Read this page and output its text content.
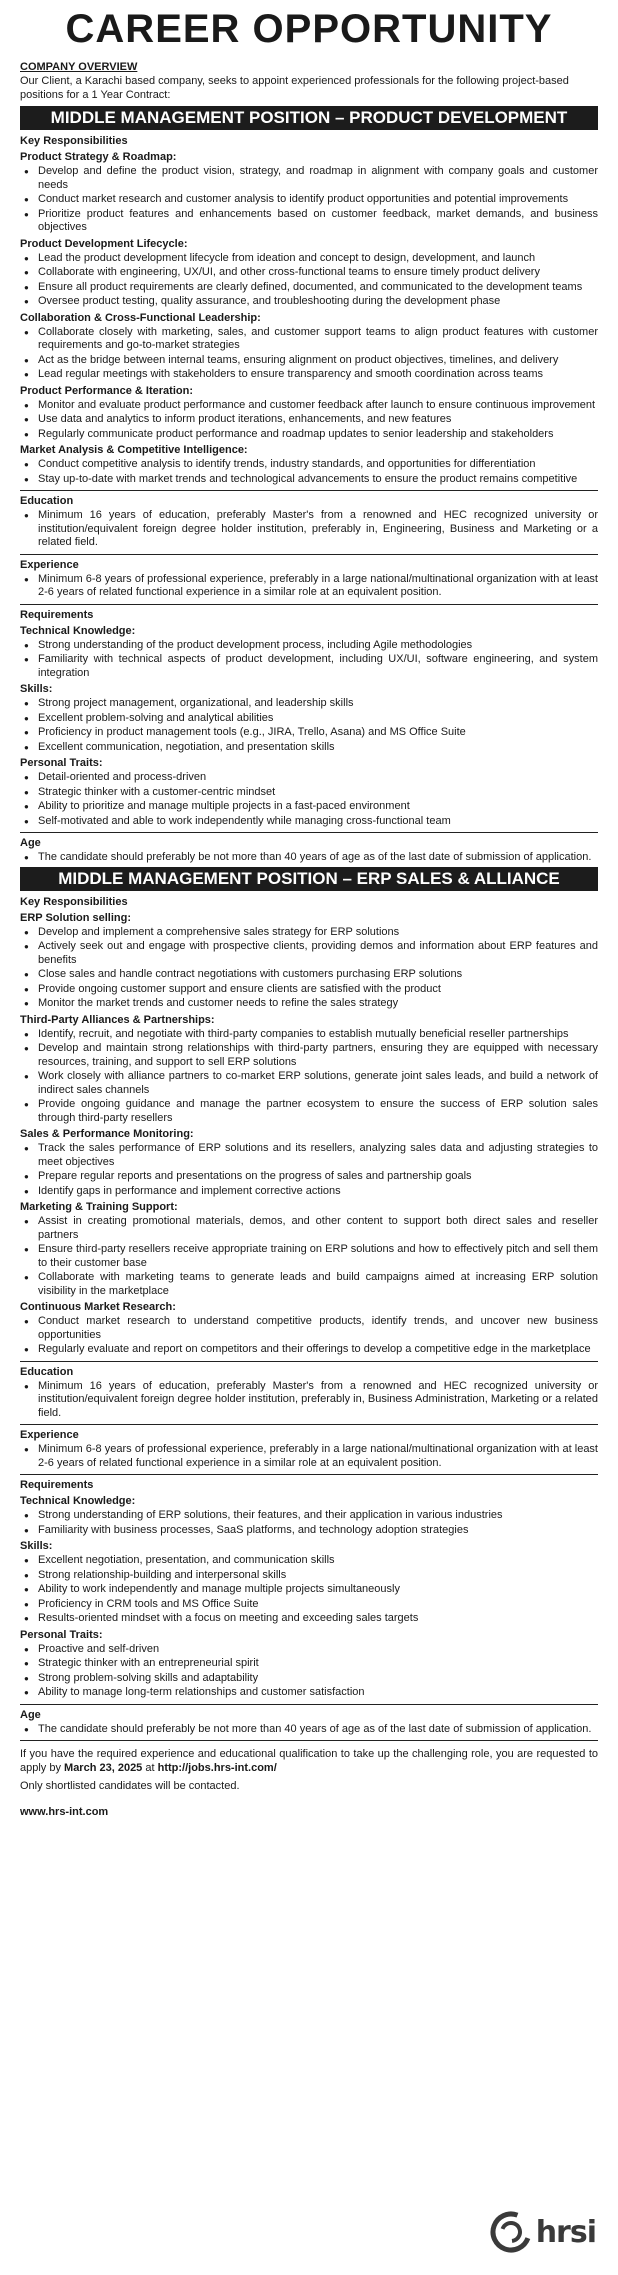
CAREER OPPORTUNITY

COMPANY OVERVIEW

Our Client, a Karachi based company, seeks to appoint experienced professionals for the following project-based positions for a 1 Year Contract:

MIDDLE MANAGEMENT POSITION – PRODUCT DEVELOPMENT
Key Responsibilities
Product Strategy & Roadmap:
● Develop and define the product vision, strategy, and roadmap in alignment with company goals and customer needs
● Conduct market research and customer analysis to identify product opportunities and potential improvements
● Prioritize product features and enhancements based on customer feedback, market demands, and business objectives
Product Development Lifecycle:
● Lead the product development lifecycle from ideation and concept to design, development, and launch
● Collaborate with engineering, UX/UI, and other cross-functional teams to ensure timely product delivery
● Ensure all product requirements are clearly defined, documented, and communicated to the development teams
● Oversee product testing, quality assurance, and troubleshooting during the development phase
Collaboration & Cross-Functional Leadership:
● Collaborate closely with marketing, sales, and customer support teams to align product features with customer requirements and go-to-market strategies
● Act as the bridge between internal teams, ensuring alignment on product objectives, timelines, and delivery
● Lead regular meetings with stakeholders to ensure transparency and smooth coordination across teams
Product Performance & Iteration:
● Monitor and evaluate product performance and customer feedback after launch to ensure continuous improvement
● Use data and analytics to inform product iterations, enhancements, and new features
● Regularly communicate product performance and roadmap updates to senior leadership and stakeholders
Market Analysis & Competitive Intelligence:
● Conduct competitive analysis to identify trends, industry standards, and opportunities for differentiation
● Stay up-to-date with market trends and technological advancements to ensure the product remains competitive
Education
● Minimum 16 years of education, preferably Master's from a renowned and HEC recognized university or institution/equivalent foreign degree holder institution, preferably in, Engineering, Business and Marketing or a related field.
Experience
● Minimum 6-8 years of professional experience, preferably in a large national/multinational organization with at least 2-6 years of related functional experience in a similar role at an equivalent position.
Requirements
Technical Knowledge:
● Strong understanding of the product development process, including Agile methodologies
● Familiarity with technical aspects of product development, including UX/UI, software engineering, and system integration
Skills:
● Strong project management, organizational, and leadership skills
● Excellent problem-solving and analytical abilities
● Proficiency in product management tools (e.g., JIRA, Trello, Asana) and MS Office Suite
● Excellent communication, negotiation, and presentation skills
Personal Traits:
● Detail-oriented and process-driven
● Strategic thinker with a customer-centric mindset
● Ability to prioritize and manage multiple projects in a fast-paced environment
● Self-motivated and able to work independently while managing cross-functional team
Age
● The candidate should preferably be not more than 40 years of age as of the last date of submission of application.
MIDDLE MANAGEMENT POSITION – ERP SALES & ALLIANCE
Key Responsibilities
ERP Solution selling:
● Develop and implement a comprehensive sales strategy for ERP solutions
● Actively seek out and engage with prospective clients, providing demos and information about ERP features and benefits
● Close sales and handle contract negotiations with customers purchasing ERP solutions
● Provide ongoing customer support and ensure clients are satisfied with the product
● Monitor the market trends and customer needs to refine the sales strategy
Third-Party Alliances & Partnerships:
● Identify, recruit, and negotiate with third-party companies to establish mutually beneficial reseller partnerships
● Develop and maintain strong relationships with third-party partners, ensuring they are equipped with necessary resources, training, and support to sell ERP solutions
● Work closely with alliance partners to co-market ERP solutions, generate joint sales leads, and build a network of indirect sales channels
● Provide ongoing guidance and manage the partner ecosystem to ensure the success of ERP solution sales through third-party resellers
Sales & Performance Monitoring:
● Track the sales performance of ERP solutions and its resellers, analyzing sales data and adjusting strategies to meet objectives
● Prepare regular reports and presentations on the progress of sales and partnership goals
● Identify gaps in performance and implement corrective actions
Marketing & Training Support:
● Assist in creating promotional materials, demos, and other content to support both direct sales and reseller partners
● Ensure third-party resellers receive appropriate training on ERP solutions and how to effectively pitch and sell them to their customer base
● Collaborate with marketing teams to generate leads and build campaigns aimed at increasing ERP solution visibility in the marketplace
Continuous Market Research:
● Conduct market research to understand competitive products, identify trends, and uncover new business opportunities
● Regularly evaluate and report on competitors and their offerings to develop a competitive edge in the marketplace
Education
● Minimum 16 years of education, preferably Master's from a renowned and HEC recognized university or institution/equivalent foreign degree holder institution, preferably in, Business Administration, Marketing or a related field.
Experience
● Minimum 6-8 years of professional experience, preferably in a large national/multinational organization with at least 2-6 years of related functional experience in a similar role at an equivalent position.
Requirements
Technical Knowledge:
● Strong understanding of ERP solutions, their features, and their application in various industries
● Familiarity with business processes, SaaS platforms, and technology adoption strategies
Skills:
● Excellent negotiation, presentation, and communication skills
● Strong relationship-building and interpersonal skills
● Ability to work independently and manage multiple projects simultaneously
● Proficiency in CRM tools and MS Office Suite
● Results-oriented mindset with a focus on meeting and exceeding sales targets
Personal Traits:
● Proactive and self-driven
● Strategic thinker with an entrepreneurial spirit
● Strong problem-solving skills and adaptability
● Ability to manage long-term relationships and customer satisfaction
Age
● The candidate should preferably be not more than 40 years of age as of the last date of submission of application.

If you have the required experience and educational qualification to take up the challenging role, you are requested to apply by March 23, 2025 at http://jobs.hrs-int.com/

Only shortlisted candidates will be contacted.

www.hrs-int.com

hrsi
